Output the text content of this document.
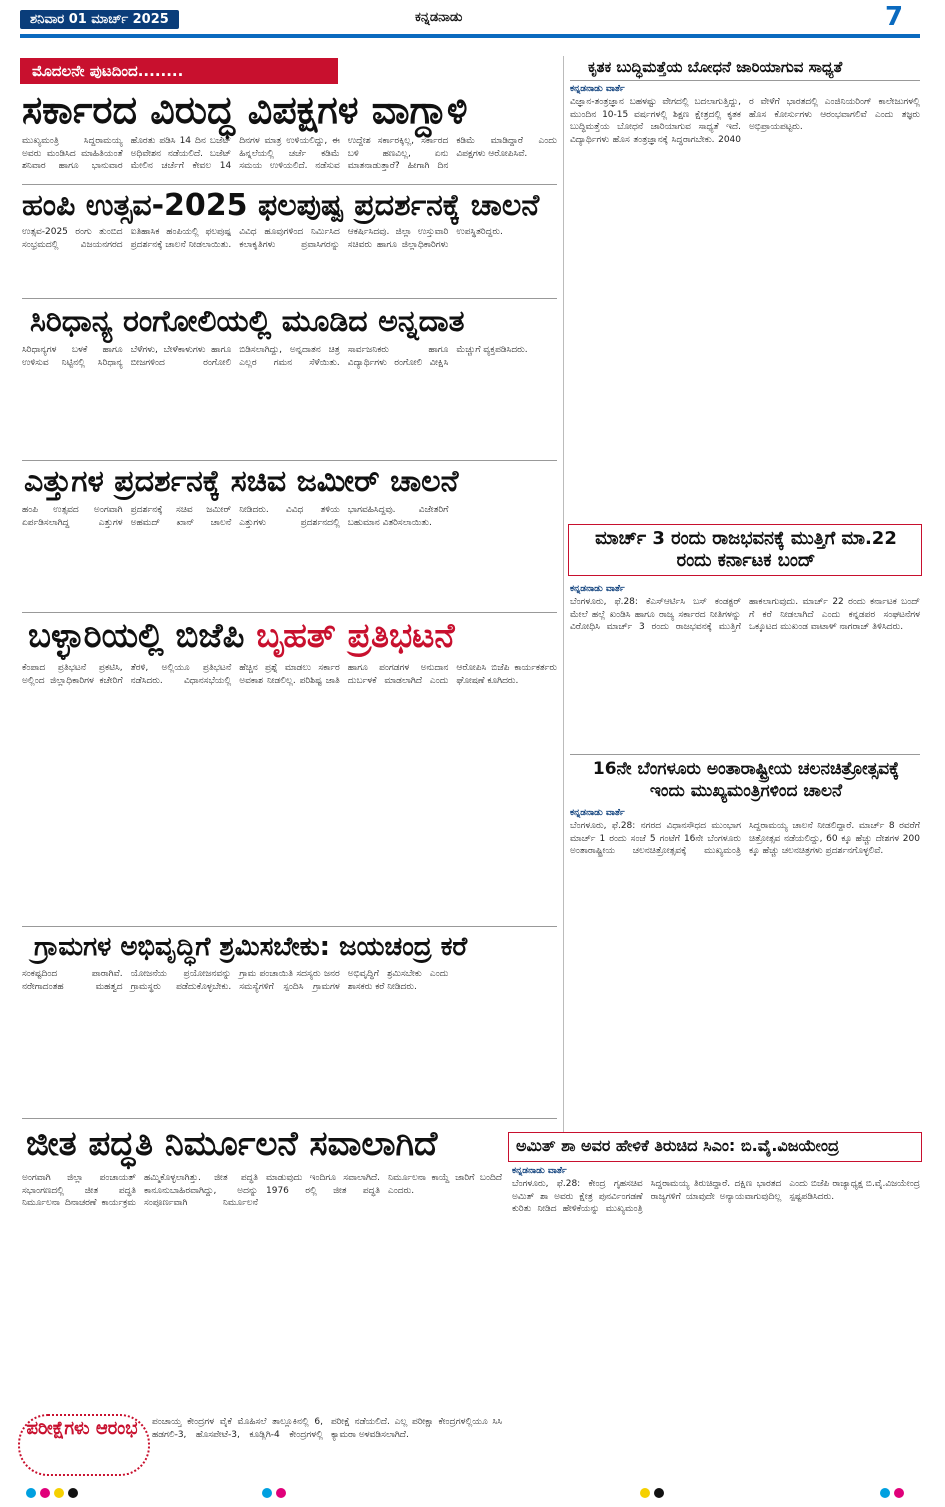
ಶನಿವಾರ 01 ಮಾರ್ಚ್ 2025	ಕನ್ನಡನಾಡು	7
ಮೊದಲನೇ ಪುಟದಿಂದ........
ಸರ್ಕಾರದ ವಿರುದ್ಧ ವಿಪಕ್ಷಗಳ ವಾಗ್ದಾಳಿ
ಮುಖ್ಯಮಂತ್ರಿ ಸಿದ್ದರಾಮಯ್ಯ ಅವರು ಮಂಡಿಸಿದ ಮಾಹಿತಿಯಂತೆ ಶನಿವಾರ ಹಾಗೂ ಭಾನುವಾರ ಹೊರತು ಪಡಿಸಿ 14 ದಿನ ಬಜೆಟ್ ಅಧಿವೇಶನ ನಡೆಯಲಿದೆ. ಬಜೆಟ್ ಮೇಲಿನ ಚರ್ಚೆಗೆ ಕೇವಲ 14 ದಿನಗಳ ಮಾತ್ರ ಉಳಿಯಲಿದ್ದು, ಈ ಹಿನ್ನಲೆಯಲ್ಲಿ ಚರ್ಚೆ ಕಡಿಮೆ ಸಮಯ ಉಳಿಯಲಿದೆ. ನಡೆಸುವ ಉದ್ದೇಶ ಸರ್ಕಾರಕ್ಕಿಲ್ಲ, ಸರ್ಕಾರದ ಬಳಿ ಹಣವಿಲ್ಲ, ಏನು ಮಾತನಾಡುತ್ತಾರೆ? ಹೀಗಾಗಿ ದಿನ ಕಡಿಮೆ ಮಾಡಿದ್ದಾರೆ ಎಂದು ವಿಪಕ್ಷಗಳು ಆರೋಪಿಸಿವೆ.
ಹಂಪಿ ಉತ್ಸವ-2025 ಫಲಪುಷ್ಪ ಪ್ರದರ್ಶನಕ್ಕೆ ಚಾಲನೆ
ಉತ್ಸವ-2025 ರಂಗು ತುಂಬಿದ ಸಂಭ್ರಮದಲ್ಲಿ ವಿಜಯನಗರದ ಐತಿಹಾಸಿಕ ಹಂಪಿಯಲ್ಲಿ ಫಲಪುಷ್ಪ ಪ್ರದರ್ಶನಕ್ಕೆ ಚಾಲನೆ ನೀಡಲಾಯಿತು. ವಿವಿಧ ಹೂವುಗಳಿಂದ ನಿರ್ಮಿಸಿದ ಕಲಾಕೃತಿಗಳು ಪ್ರವಾಸಿಗರನ್ನು ಆಕರ್ಷಿಸಿದವು. ಜಿಲ್ಲಾ ಉಸ್ತುವಾರಿ ಸಚಿವರು ಹಾಗೂ ಜಿಲ್ಲಾಧಿಕಾರಿಗಳು ಉಪಸ್ಥಿತರಿದ್ದರು.
ಸಿರಿಧಾನ್ಯ ರಂಗೋಲಿಯಲ್ಲಿ ಮೂಡಿದ ಅನ್ನದಾತ
ಸಿರಿಧಾನ್ಯಗಳ ಬಳಕೆ ಹಾಗೂ ಉಳಿಸುವ ನಿಟ್ಟಿನಲ್ಲಿ ಸಿರಿಧಾನ್ಯ ಬೆಳೆಗಳು, ಬೇಳೆಕಾಳುಗಳು ಹಾಗೂ ಬೀಜಗಳಿಂದ ರಂಗೋಲಿ ಬಿಡಿಸಲಾಗಿದ್ದು, ಅನ್ನದಾತನ ಚಿತ್ರ ಎಲ್ಲರ ಗಮನ ಸೆಳೆಯಿತು. ಸಾರ್ವಜನಿಕರು ಹಾಗೂ ವಿದ್ಯಾರ್ಥಿಗಳು ರಂಗೋಲಿ ವೀಕ್ಷಿಸಿ ಮೆಚ್ಚುಗೆ ವ್ಯಕ್ತಪಡಿಸಿದರು.
ಎತ್ತುಗಳ ಪ್ರದರ್ಶನಕ್ಕೆ ಸಚಿವ ಜಮೀರ್ ಚಾಲನೆ
ಹಂಪಿ ಉತ್ಸವದ ಅಂಗವಾಗಿ ಏರ್ಪಡಿಸಲಾಗಿದ್ದ ಎತ್ತುಗಳ ಪ್ರದರ್ಶನಕ್ಕೆ ಸಚಿವ ಜಮೀರ್ ಅಹಮದ್ ಖಾನ್ ಚಾಲನೆ ನೀಡಿದರು. ವಿವಿಧ ತಳಿಯ ಎತ್ತುಗಳು ಪ್ರದರ್ಶನದಲ್ಲಿ ಭಾಗವಹಿಸಿದ್ದವು. ವಿಜೇತರಿಗೆ ಬಹುಮಾನ ವಿತರಿಸಲಾಯಿತು.
ಬಳ್ಳಾರಿಯಲ್ಲಿ ಬಿಜೆಪಿ ಬೃಹತ್ ಪ್ರತಿಭಟನೆ
ಕೆಂಪಾದ ಪ್ರತಿಭಟನೆ ಪ್ರಕಟಿಸಿ, ಅಲ್ಲಿಂದ ಜಿಲ್ಲಾಧಿಕಾರಿಗಳ ಕಚೇರಿಗೆ ತೆರಳಿ, ಅಲ್ಲಿಯೂ ಪ್ರತಿಭಟನೆ ನಡೆಸಿದರು. ವಿಧಾನಸಭೆಯಲ್ಲಿ ಹೆಚ್ಚಿನ ಪ್ರಶ್ನೆ ಮಾಡಲು ಸರ್ಕಾರ ಅವಕಾಶ ನೀಡಲಿಲ್ಲ. ಪರಿಶಿಷ್ಟ ಜಾತಿ ಹಾಗೂ ಪಂಗಡಗಳ ಅನುದಾನ ದುರ್ಬಳಕೆ ಮಾಡಲಾಗಿದೆ ಎಂದು ಆರೋಪಿಸಿ ಬಿಜೆಪಿ ಕಾರ್ಯಕರ್ತರು ಘೋಷಣೆ ಕೂಗಿದರು.
ಗ್ರಾಮಗಳ ಅಭಿವೃದ್ಧಿಗೆ ಶ್ರಮಿಸಬೇಕು: ಜಯಚಂದ್ರ ಕರೆ
ಸಂಕಷ್ಟದಿಂದ ಪಾರಾಗಿವೆ. ನರೇಗಾದಂತಹ ಮಹತ್ವದ ಯೋಜನೆಯ ಪ್ರಯೋಜನವನ್ನು ಗ್ರಾಮಸ್ಥರು ಪಡೆದುಕೊಳ್ಳಬೇಕು. ಗ್ರಾಮ ಪಂಚಾಯಿತಿ ಸದಸ್ಯರು ಜನರ ಸಮಸ್ಯೆಗಳಿಗೆ ಸ್ಪಂದಿಸಿ ಗ್ರಾಮಗಳ ಅಭಿವೃದ್ಧಿಗೆ ಶ್ರಮಿಸಬೇಕು ಎಂದು ಶಾಸಕರು ಕರೆ ನೀಡಿದರು.
ಜೀತ ಪದ್ಧತಿ ನಿರ್ಮೂಲನೆ ಸವಾಲಾಗಿದೆ
ಅಂಗವಾಗಿ ಜಿಲ್ಲಾ ಪಂಚಾಯತ್ ಸಭಾಂಗಣದಲ್ಲಿ ಜೀತ ಪದ್ಧತಿ ನಿರ್ಮೂಲನಾ ದಿನಾಚರಣೆ ಕಾರ್ಯಕ್ರಮ ಹಮ್ಮಿಕೊಳ್ಳಲಾಗಿತ್ತು. ಜೀತ ಪದ್ಧತಿ ಕಾನೂನುಬಾಹಿರವಾಗಿದ್ದು, ಅದನ್ನು ಸಂಪೂರ್ಣವಾಗಿ ನಿರ್ಮೂಲನೆ ಮಾಡುವುದು ಇಂದಿಗೂ ಸವಾಲಾಗಿದೆ. 1976 ರಲ್ಲಿ ಜೀತ ಪದ್ಧತಿ ನಿರ್ಮೂಲನಾ ಕಾಯ್ದೆ ಜಾರಿಗೆ ಬಂದಿದೆ ಎಂದರು.
ಪರೀಕ್ಷೆಗಳು ಆರಂಭ	ಪಂಚಾಯ್ತ ಕೇಂದ್ರಗಳ ವೈಕೆ ಮೊಹಿಸಲೆ ತಾಲ್ಲೂಕಿನಲ್ಲಿ 6, ಹಡಗಲಿ-3, ಹೊಸಪೇಟೆ-3, ಕೂಡ್ಲಿಗಿ-4 ಕೇಂದ್ರಗಳಲ್ಲಿ ಪರೀಕ್ಷೆ ನಡೆಯಲಿದೆ. ಎಲ್ಲ ಪರೀಕ್ಷಾ ಕೇಂದ್ರಗಳಲ್ಲಿಯೂ ಸಿಸಿ ಕ್ಯಾಮರಾ ಅಳವಡಿಸಲಾಗಿದೆ.
ಕೃತಕ ಬುದ್ಧಿಮತ್ತೆಯ ಬೋಧನೆ ಜಾರಿಯಾಗುವ ಸಾಧ್ಯತೆ
ಕನ್ನಡನಾಡು ವಾರ್ತೆ
ವಿಜ್ಞಾನ-ತಂತ್ರಜ್ಞಾನ ಬಹಳಷ್ಟು ವೇಗದಲ್ಲಿ ಬದಲಾಗುತ್ತಿದ್ದು, ಮುಂದಿನ 10-15 ವರ್ಷಗಳಲ್ಲಿ ಶಿಕ್ಷಣ ಕ್ಷೇತ್ರದಲ್ಲಿ ಕೃತಕ ಬುದ್ಧಿಮತ್ತೆಯ ಬೋಧನೆ ಜಾರಿಯಾಗುವ ಸಾಧ್ಯತೆ ಇದೆ. ವಿದ್ಯಾರ್ಥಿಗಳು ಹೊಸ ತಂತ್ರಜ್ಞಾನಕ್ಕೆ ಸಿದ್ಧರಾಗಬೇಕು. 2040 ರ ವೇಳೆಗೆ ಭಾರತದಲ್ಲಿ ಎಂಜಿನಿಯರಿಂಗ್ ಕಾಲೇಜುಗಳಲ್ಲಿ ಹೊಸ ಕೋರ್ಸುಗಳು ಆರಂಭವಾಗಲಿವೆ ಎಂದು ತಜ್ಞರು ಅಭಿಪ್ರಾಯಪಟ್ಟರು.
ಮಾರ್ಚ್ 3 ರಂದು ರಾಜಭವನಕ್ಕೆ ಮುತ್ತಿಗೆ ಮಾ.22 ರಂದು ಕರ್ನಾಟಕ ಬಂದ್
ಕನ್ನಡನಾಡು ವಾರ್ತೆ
ಬೆಂಗಳೂರು, ಫೆ.28: ಕೆಎಸ್ಆರ್ಟಿಸಿ ಬಸ್ ಕಂಡಕ್ಟರ್ ಮೇಲೆ ಹಲ್ಲೆ ಖಂಡಿಸಿ ಹಾಗೂ ರಾಜ್ಯ ಸರ್ಕಾರದ ನೀತಿಗಳನ್ನು ವಿರೋಧಿಸಿ ಮಾರ್ಚ್ 3 ರಂದು ರಾಜಭವನಕ್ಕೆ ಮುತ್ತಿಗೆ ಹಾಕಲಾಗುವುದು. ಮಾರ್ಚ್ 22 ರಂದು ಕರ್ನಾಟಕ ಬಂದ್ ಗೆ ಕರೆ ನೀಡಲಾಗಿದೆ ಎಂದು ಕನ್ನಡಪರ ಸಂಘಟನೆಗಳ ಒಕ್ಕೂಟದ ಮುಖಂಡ ವಾಟಾಳ್ ನಾಗರಾಜ್ ತಿಳಿಸಿದರು.
16ನೇ ಬೆಂಗಳೂರು ಅಂತಾರಾಷ್ಟ್ರೀಯ ಚಲನಚಿತ್ರೋತ್ಸವಕ್ಕೆ ಇಂದು ಮುಖ್ಯಮಂತ್ರಿಗಳಿಂದ ಚಾಲನೆ
ಕನ್ನಡನಾಡು ವಾರ್ತೆ
ಬೆಂಗಳೂರು, ಫೆ.28: ನಗರದ ವಿಧಾನಸೌಧದ ಮುಂಭಾಗ ಮಾರ್ಚ್ 1 ರಂದು ಸಂಜೆ 5 ಗಂಟೆಗೆ 16ನೇ ಬೆಂಗಳೂರು ಅಂತಾರಾಷ್ಟ್ರೀಯ ಚಲನಚಿತ್ರೋತ್ಸವಕ್ಕೆ ಮುಖ್ಯಮಂತ್ರಿ ಸಿದ್ದರಾಮಯ್ಯ ಚಾಲನೆ ನೀಡಲಿದ್ದಾರೆ. ಮಾರ್ಚ್ 8 ರವರೆಗೆ ಚಿತ್ರೋತ್ಸವ ನಡೆಯಲಿದ್ದು, 60 ಕ್ಕೂ ಹೆಚ್ಚು ದೇಶಗಳ 200 ಕ್ಕೂ ಹೆಚ್ಚು ಚಲನಚಿತ್ರಗಳು ಪ್ರದರ್ಶನಗೊಳ್ಳಲಿವೆ.
ಅಮಿತ್ ಶಾ ಅವರ ಹೇಳಿಕೆ ತಿರುಚಿದ ಸಿಎಂ: ಬಿ.ವೈ.ವಿಜಯೇಂದ್ರ
ಕನ್ನಡನಾಡು ವಾರ್ತೆ
ಬೆಂಗಳೂರು, ಫೆ.28: ಕೇಂದ್ರ ಗೃಹಸಚಿವ ಅಮಿತ್ ಶಾ ಅವರು ಕ್ಷೇತ್ರ ಪುನರ್ವಿಂಗಡಣೆ ಕುರಿತು ನೀಡಿದ ಹೇಳಿಕೆಯನ್ನು ಮುಖ್ಯಮಂತ್ರಿ ಸಿದ್ದರಾಮಯ್ಯ ತಿರುಚಿದ್ದಾರೆ. ದಕ್ಷಿಣ ಭಾರತದ ರಾಜ್ಯಗಳಿಗೆ ಯಾವುದೇ ಅನ್ಯಾಯವಾಗುವುದಿಲ್ಲ ಎಂದು ಬಿಜೆಪಿ ರಾಜ್ಯಾಧ್ಯಕ್ಷ ಬಿ.ವೈ.ವಿಜಯೇಂದ್ರ ಸ್ಪಷ್ಟಪಡಿಸಿದರು.
